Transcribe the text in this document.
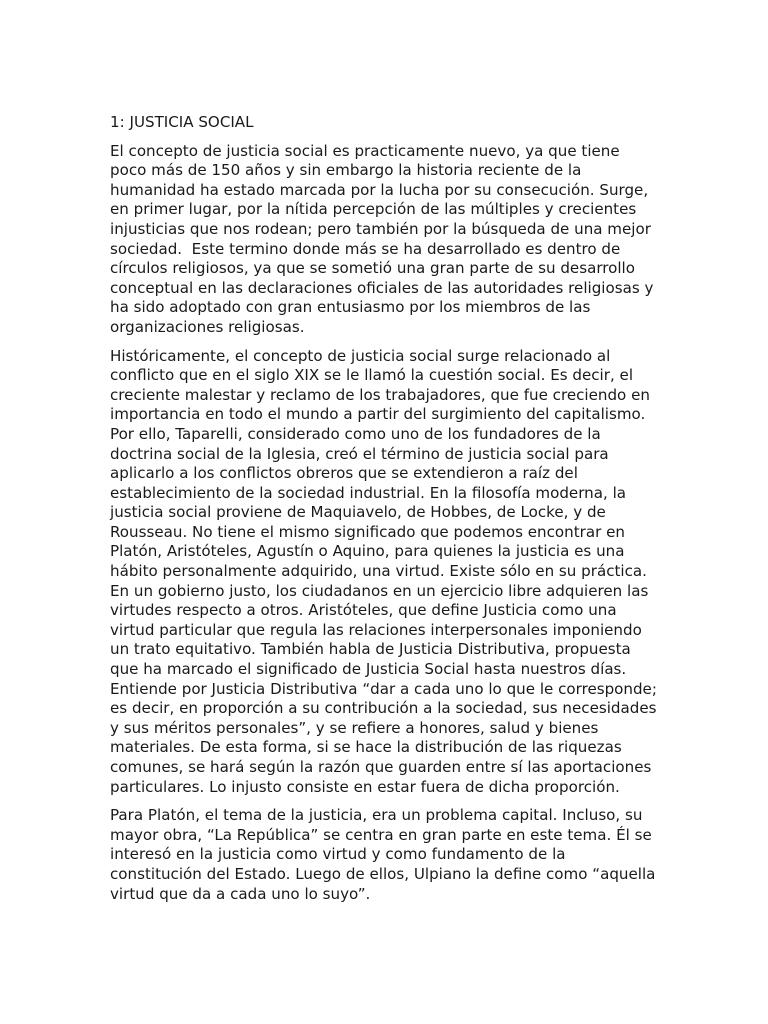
1: JUSTICIA SOCIAL

El concepto de justicia social es practicamente nuevo, ya que tiene poco más de 150 años y sin embargo la historia reciente de la humanidad ha estado marcada por la lucha por su consecución. Surge, en primer lugar, por la nítida percepción de las múltiples y crecientes injusticias que nos rodean; pero también por la búsqueda de una mejor sociedad.  Este termino donde más se ha desarrollado es dentro de círculos religiosos, ya que se sometió una gran parte de su desarrollo conceptual en las declaraciones oficiales de las autoridades religiosas y ha sido adoptado con gran entusiasmo por los miembros de las organizaciones religiosas.

Históricamente, el concepto de justicia social surge relacionado al conflicto que en el siglo XIX se le llamó la cuestión social. Es decir, el creciente malestar y reclamo de los trabajadores, que fue creciendo en importancia en todo el mundo a partir del surgimiento del capitalismo. Por ello, Taparelli, considerado como uno de los fundadores de la doctrina social de la Iglesia, creó el término de justicia social para aplicarlo a los conflictos obreros que se extendieron a raíz del establecimiento de la sociedad industrial. En la filosofía moderna, la justicia social proviene de Maquiavelo, de Hobbes, de Locke, y de Rousseau. No tiene el mismo significado que podemos encontrar en Platón, Aristóteles, Agustín o Aquino, para quienes la justicia es una hábito personalmente adquirido, una virtud. Existe sólo en su práctica. En un gobierno justo, los ciudadanos en un ejercicio libre adquieren las virtudes respecto a otros. Aristóteles, que define Justicia como una virtud particular que regula las relaciones interpersonales imponiendo un trato equitativo. También habla de Justicia Distributiva, propuesta que ha marcado el significado de Justicia Social hasta nuestros días. Entiende por Justicia Distributiva “dar a cada uno lo que le corresponde; es decir, en proporción a su contribución a la sociedad, sus necesidades y sus méritos personales”, y se refiere a honores, salud y bienes materiales. De esta forma, si se hace la distribución de las riquezas comunes, se hará según la razón que guarden entre sí las aportaciones particulares. Lo injusto consiste en estar fuera de dicha proporción.

Para Platón, el tema de la justicia, era un problema capital. Incluso, su mayor obra, “La República” se centra en gran parte en este tema. Él se interesó en la justicia como virtud y como fundamento de la constitución del Estado. Luego de ellos, Ulpiano la define como “aquella virtud que da a cada uno lo suyo”.
